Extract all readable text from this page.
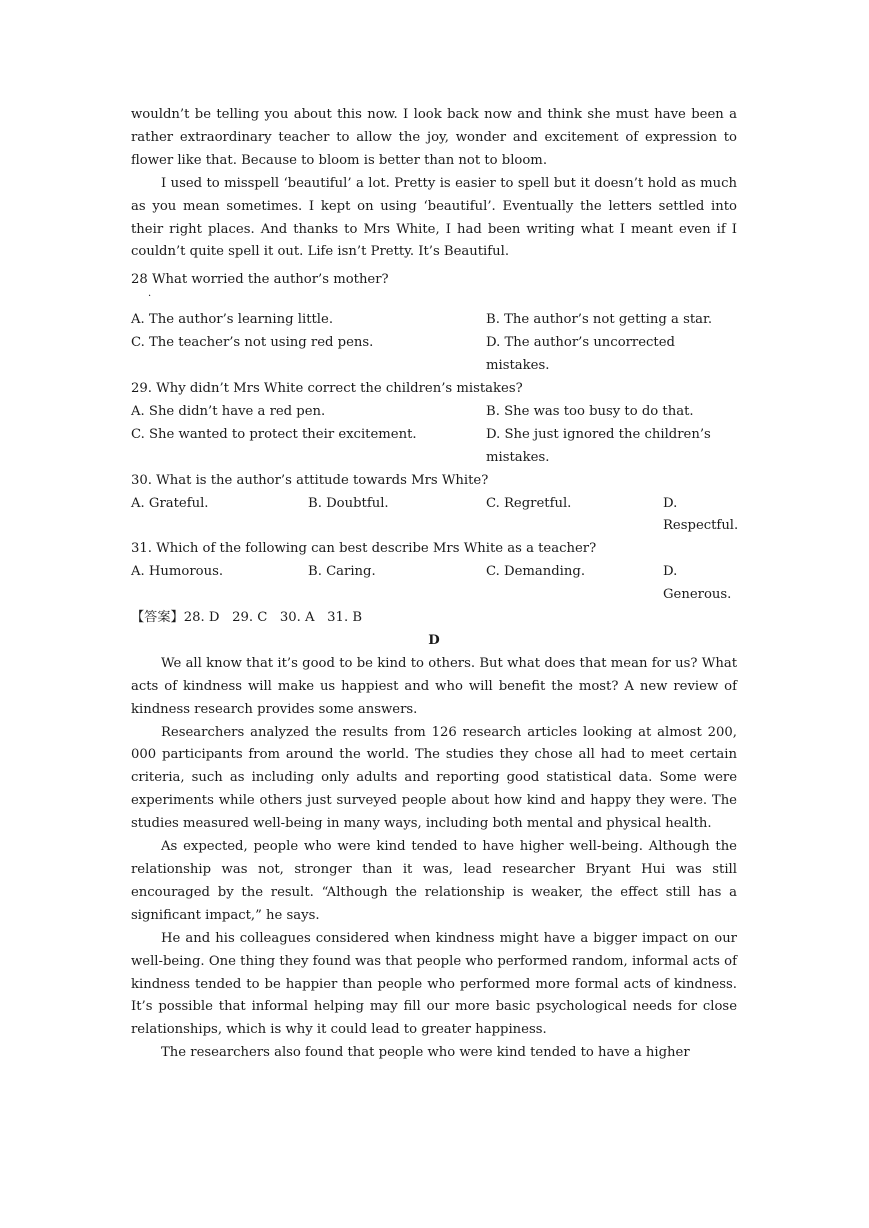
wouldn’t be telling you about this now. I look back now and think she must have been a rather extraordinary teacher to allow the joy, wonder and excitement of expression to flower like that. Because to bloom is better than not to bloom.

I used to misspell ‘beautiful’ a lot. Pretty is easier to spell but it doesn’t hold as much as you mean sometimes. I kept on using ‘beautiful’. Eventually the letters settled into their right places. And thanks to Mrs White, I had been writing what I meant even if I couldn’t quite spell it out. Life isn’t Pretty. It’s Beautiful.

28 What worried the author’s mother?

·
A. The author’s learning little.	B. The author’s not getting a star.
C. The teacher’s not using red pens.	D. The author’s uncorrected mistakes.

29. Why didn’t Mrs White correct the children’s mistakes?

A. She didn’t have a red pen.	B. She was too busy to do that.
C. She wanted to protect their excitement.	D. She just ignored the children’s mistakes.

30. What is the author’s attitude towards Mrs White?

A. Grateful.	B. Doubtful.	C. Regretful.	D. Respectful.

31. Which of the following can best describe Mrs White as a teacher?

A. Humorous.	B. Caring.	C. Demanding.	D. Generous.

【答案】28. D   29. C   30. A   31. B

D

We all know that it’s good to be kind to others. But what does that mean for us? What acts of kindness will make us happiest and who will benefit the most? A new review of kindness research provides some answers.

Researchers analyzed the results from 126 research articles looking at almost 200, 000 participants from around the world. The studies they chose all had to meet certain criteria, such as including only adults and reporting good statistical data. Some were experiments while others just surveyed people about how kind and happy they were. The studies measured well-being in many ways, including both mental and physical health.

As expected, people who were kind tended to have higher well-being. Although the relationship was not, stronger than it was, lead researcher Bryant Hui was still encouraged by the result. “Although the relationship is weaker, the effect still has a significant impact,” he says.

He and his colleagues considered when kindness might have a bigger impact on our well-being. One thing they found was that people who performed random, informal acts of kindness tended to be happier than people who performed more formal acts of kindness. It’s possible that informal helping may fill our more basic psychological needs for close relationships, which is why it could lead to greater happiness.

The researchers also found that people who were kind tended to have a higher
